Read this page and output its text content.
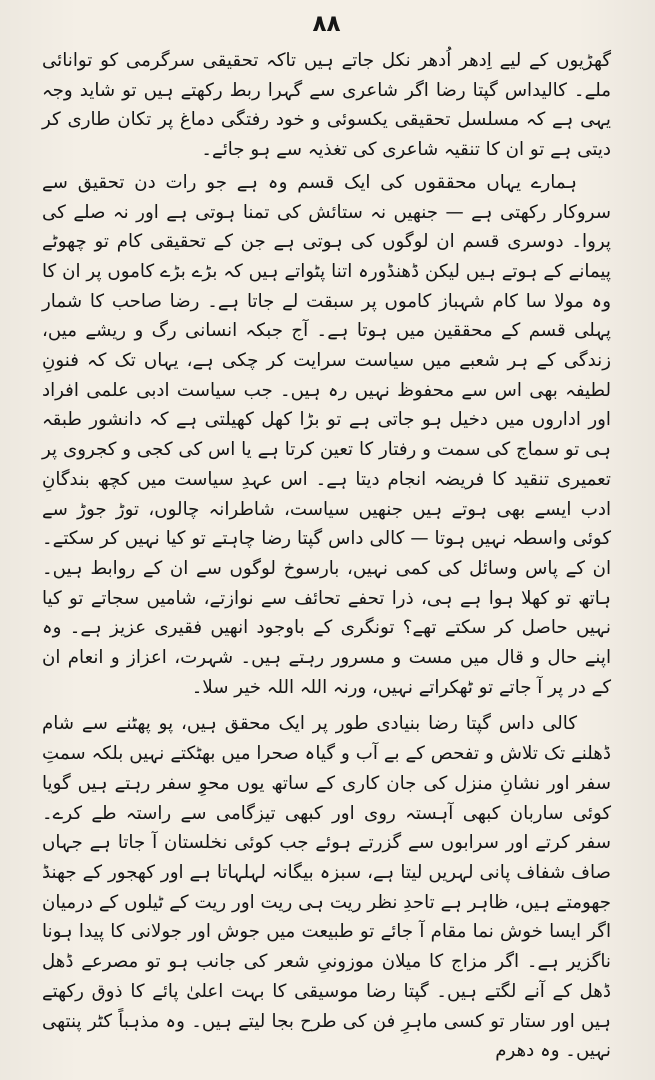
۸۸

گھڑیوں کے لیے اِدھر اُدھر نکل جاتے ہیں تاکہ تحقیقی سرگرمی کو توانائی ملے۔ کالیداس گپتا رضا اگر شاعری سے گہرا ربط رکھتے ہیں تو شاید وجہ یہی ہے کہ مسلسل تحقیقی یکسوئی و خود رفتگی دماغ پر تکان طاری کر دیتی ہے تو ان کا تنقیہ شاعری کی تغذیہ سے ہو جائے۔

ہمارے یہاں محققوں کی ایک قسم وہ ہے جو رات دن تحقیق سے سروکار رکھتی ہے — جنھیں نہ ستائش کی تمنا ہوتی ہے اور نہ صلے کی پروا۔ دوسری قسم ان لوگوں کی ہوتی ہے جن کے تحقیقی کام تو چھوٹے پیمانے کے ہوتے ہیں لیکن ڈھنڈورہ اتنا پٹواتے ہیں کہ بڑے بڑے کاموں پر ان کا وہ مولا سا کام شہباز کاموں پر سبقت لے جاتا ہے۔ رضا صاحب کا شمار پہلی قسم کے محققین میں ہوتا ہے۔ آج جبکہ انسانی رگ و ریشے میں، زندگی کے ہر شعبے میں سیاست سرایت کر چکی ہے، یہاں تک کہ فنونِ لطیفہ بھی اس سے محفوظ نہیں رہ ہیں۔ جب سیاست ادبی علمی افراد اور اداروں میں دخیل ہو جاتی ہے تو بڑا کھل کھیلتی ہے کہ دانشور طبقہ ہی تو سماج کی سمت و رفتار کا تعین کرتا ہے یا اس کی کجی و کجروی پر تعمیری تنقید کا فریضہ انجام دیتا ہے۔ اس عہدِ سیاست میں کچھ بندگانِ ادب ایسے بھی ہوتے ہیں جنھیں سیاست، شاطرانہ چالوں، توڑ جوڑ سے کوئی واسطہ نہیں ہوتا — کالی داس گپتا رضا چاہتے تو کیا نہیں کر سکتے۔ ان کے پاس وسائل کی کمی نہیں، بارسوخ لوگوں سے ان کے روابط ہیں۔ ہاتھ تو کھلا ہوا ہے ہی، ذرا تحفے تحائف سے نوازتے، شامیں سجاتے تو کیا نہیں حاصل کر سکتے تھے؟ تونگری کے باوجود انھیں فقیری عزیز ہے۔ وہ اپنے حال و قال میں مست و مسرور رہتے ہیں۔ شہرت، اعزاز و انعام ان کے در پر آ جاتے تو ٹھکراتے نہیں، ورنہ اللہ اللہ خیر سلا۔

کالی داس گپتا رضا بنیادی طور پر ایک محقق ہیں، پو پھٹنے سے شام ڈھلنے تک تلاش و تفحص کے بے آب و گیاہ صحرا میں بھٹکتے نہیں بلکہ سمتِ سفر اور نشانِ منزل کی جان کاری کے ساتھ یوں محوِ سفر رہتے ہیں گویا کوئی ساربان کبھی آہستہ روی اور کبھی تیزگامی سے راستہ طے کرے۔ سفر کرتے اور سرابوں سے گزرتے ہوئے جب کوئی نخلستان آ جاتا ہے جہاں صاف شفاف پانی لہریں لیتا ہے، سبزہ بیگانہ لہلہاتا ہے اور کھجور کے جھنڈ جھومتے ہیں، ظاہر ہے تاحدِ نظر ریت ہی ریت اور ریت کے ٹیلوں کے درمیان اگر ایسا خوش نما مقام آ جائے تو طبیعت میں جوش اور جولانی کا پیدا ہونا ناگزیر ہے۔ اگر مزاج کا میلان موزونیِ شعر کی جانب ہو تو مصرعے ڈھل ڈھل کے آنے لگتے ہیں۔ گپتا رضا موسیقی کا بہت اعلیٰ پائے کا ذوق رکھتے ہیں اور ستار تو کسی ماہرِ فن کی طرح بجا لیتے ہیں۔ وہ مذہباً کٹر پنتھی نہیں۔ وہ دھرم
